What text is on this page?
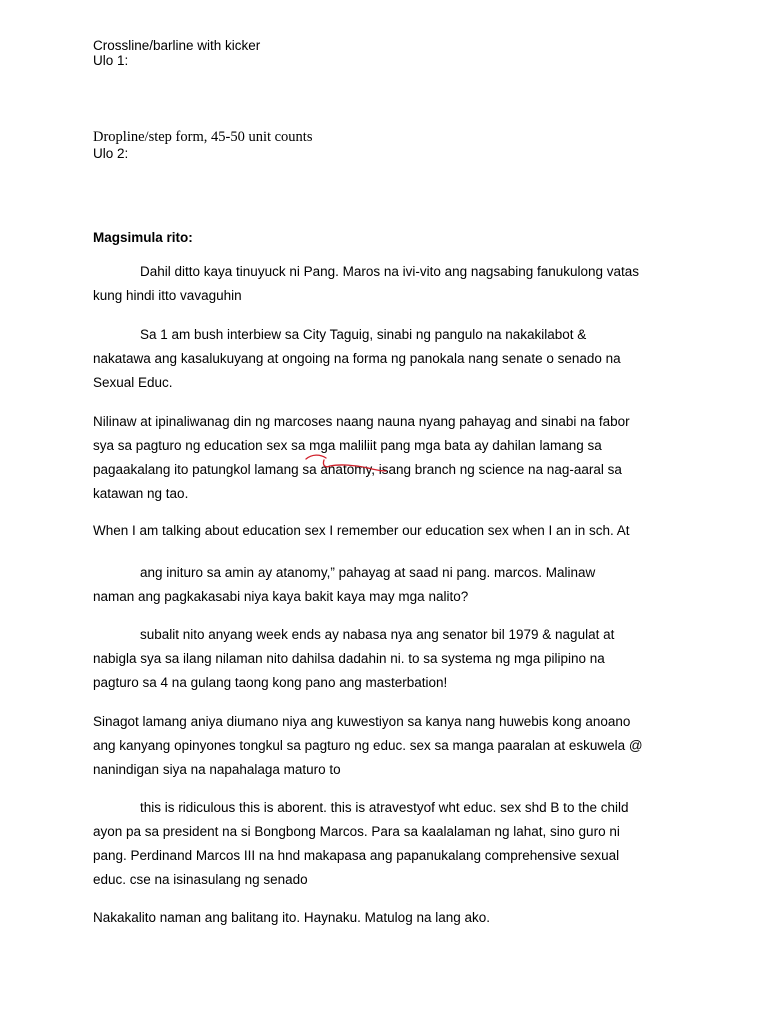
Crossline/barline with kicker
Ulo 1:
Dropline/step form, 45-50 unit counts
Ulo 2:
Magsimula rito:

Dahil ditto kaya tinuyuck ni Pang. Maros na ivi-vito ang nagsabing fanukulong vatas

kung hindi itto vavaguhin

Sa 1 am bush interbiew sa City Taguig, sinabi ng pangulo na nakakilabot &

nakatawa ang kasalukuyang at ongoing na forma ng panokala nang senate o senado na

Sexual Educ.

Nilinaw at ipinaliwanag din ng marcoses naang nauna nyang pahayag and sinabi na fabor

sya sa pagturo ng education sex sa mga maliliit pang mga bata ay dahilan lamang sa

pagaakalang ito patungkol lamang sa anatomy, isang branch ng science na nag-aaral sa

katawan ng tao.

When I am talking about education sex I remember our education sex when I an in sch. At

ang inituro sa amin ay atanomy,” pahayag at saad ni pang. marcos. Malinaw

naman ang pagkakasabi niya kaya bakit kaya may mga nalito?

subalit nito anyang week ends ay nabasa nya ang senator bil 1979 & nagulat at

nabigla sya sa ilang nilaman nito dahilsa dadahin ni. to sa systema ng mga pilipino na

pagturo sa 4 na gulang taong kong pano ang masterbation!

Sinagot lamang aniya diumano niya ang kuwestiyon sa kanya nang huwebis kong anoano

ang kanyang opinyones tongkul sa pagturo ng educ. sex sa manga paaralan at eskuwela @

nanindigan siya na napahalaga maturo to

this is ridiculous this is aborent. this is atravestyof wht educ. sex shd B to the child

ayon pa sa president na si Bongbong Marcos. Para sa kaalalaman ng lahat, sino guro ni

pang. Perdinand Marcos III na hnd makapasa ang papanukalang comprehensive sexual

educ. cse na isinasulang ng senado

Nakakalito naman ang balitang ito. Haynaku. Matulog na lang ako.
